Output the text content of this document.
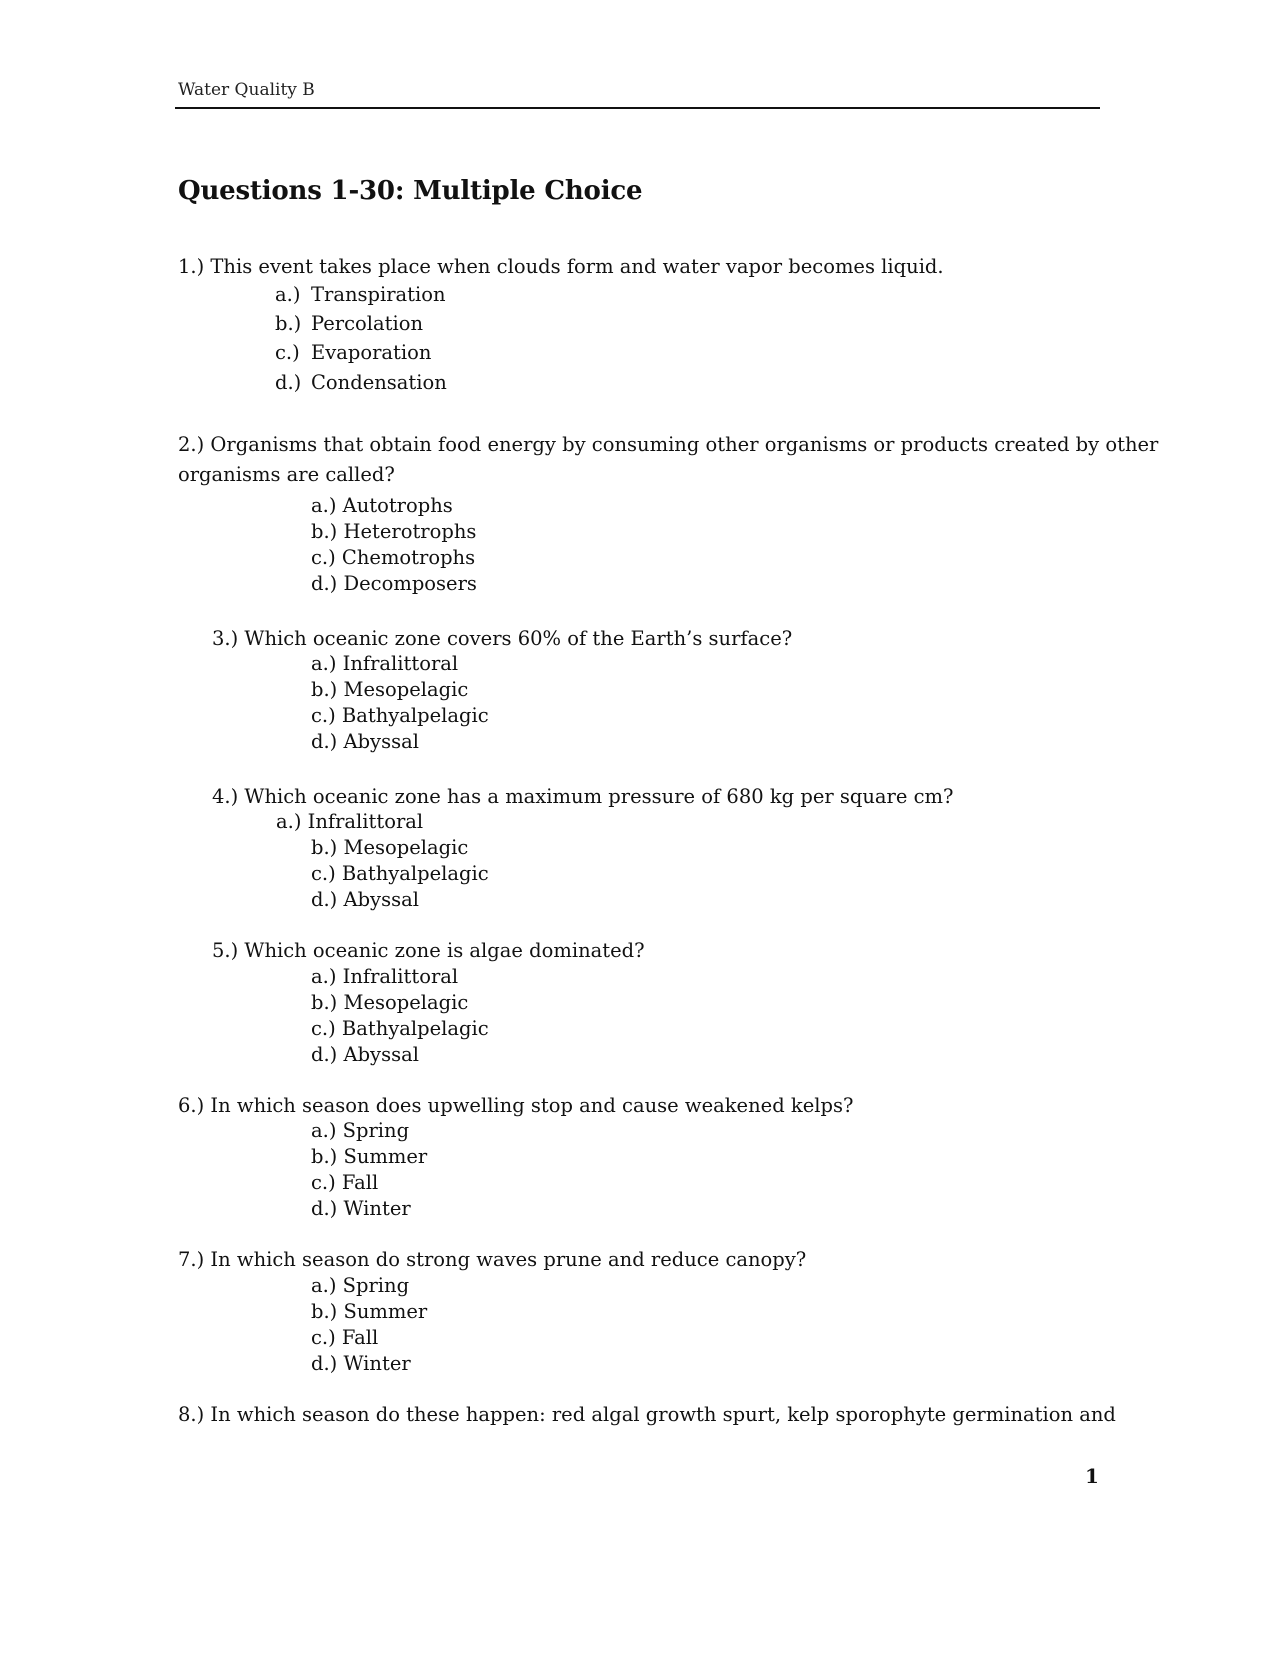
Water Quality B
Questions 1-30: Multiple Choice
1.) This event takes place when clouds form and water vapor becomes liquid.
a.) Transpiration
b.) Percolation
c.) Evaporation
d.) Condensation
2.) Organisms that obtain food energy by consuming other organisms or products created by other
organisms are called?
a.) Autotrophs
b.) Heterotrophs
c.) Chemotrophs
d.) Decomposers
3.) Which oceanic zone covers 60% of the Earth’s surface?
a.) Infralittoral
b.) Mesopelagic
c.) Bathyalpelagic
d.) Abyssal
4.) Which oceanic zone has a maximum pressure of 680 kg per square cm?
a.) Infralittoral
b.) Mesopelagic
c.) Bathyalpelagic
d.) Abyssal
5.) Which oceanic zone is algae dominated?
a.) Infralittoral
b.) Mesopelagic
c.) Bathyalpelagic
d.) Abyssal
6.) In which season does upwelling stop and cause weakened kelps?
a.) Spring
b.) Summer
c.) Fall
d.) Winter
7.) In which season do strong waves prune and reduce canopy?
a.) Spring
b.) Summer
c.) Fall
d.) Winter
8.) In which season do these happen: red algal growth spurt, kelp sporophyte germination and
1
